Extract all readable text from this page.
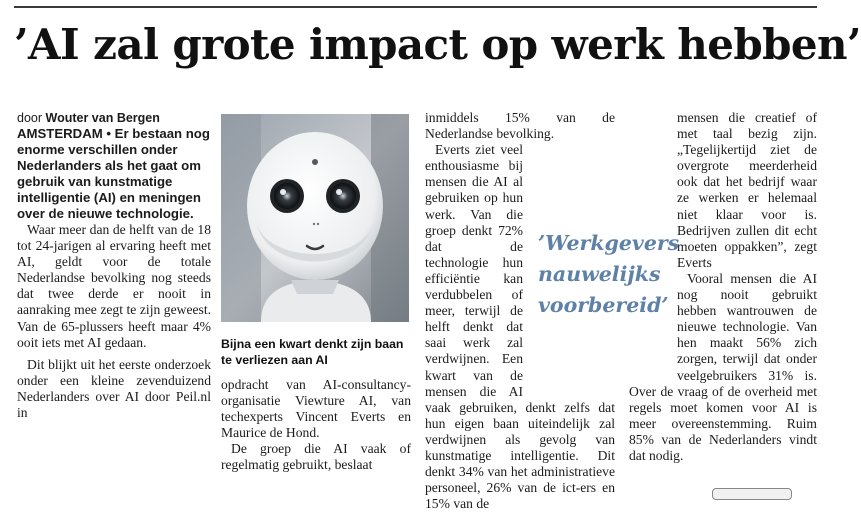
’AI zal grote impact op werk hebben’

door Wouter van Bergen

AMSTERDAM • Er bestaan nog enorme verschillen onder Nederlanders als het gaat om gebruik van kunstmatige intelligentie (AI) en meningen over de nieuwe technologie.

Waar meer dan de helft van de 18 tot 24-jarigen al ervaring heeft met AI, geldt voor de totale Nederlandse bevolking nog steeds dat twee derde er nooit in aanraking mee zegt te zijn geweest. Van de 65-plussers heeft maar 4% ooit iets met AI gedaan.

Dit blijkt uit het eerste onderzoek onder een kleine zevenduizend Nederlanders over AI door Peil.nl in

Bijna een kwart denkt zijn baan te verliezen aan AI

opdracht van AI-consultancy-organisatie Viewture AI, van techexperts Vincent Everts en Maurice de Hond.

De groep die AI vaak of regelmatig gebruikt, beslaat

inmiddels 15% van de Nederlandse bevolking.

Everts ziet veel enthousiasme bij mensen die AI al gebruiken op hun werk. Van die groep denkt 72% dat de technologie hun efficiëntie kan verdubbelen of meer, terwijl de helft denkt dat saai werk zal verdwijnen. Een kwart van de mensen die AI vaak gebruiken, denkt zelfs dat hun eigen baan uiteindelijk zal verdwijnen als gevolg van kunstmatige intelligentie. Dit denkt 34% van het administratieve personeel, 26% van de ict-ers en 15% van de

mensen die creatief of met taal bezig zijn. „Tegelijkertijd ziet de overgrote meerderheid ook dat het bedrijf waar ze werken er helemaal niet klaar voor is. Bedrijven zullen dit echt moeten oppakken”, zegt Everts

Vooral mensen die AI nog nooit gebruikt hebben wantrouwen de nieuwe technologie. Van hen maakt 56% zich zorgen, terwijl dat onder veelgebruikers 31% is. Over de vraag of de overheid met regels moet komen voor AI is meer overeenstemming. Ruim 85% van de Nederlanders vindt dat nodig.

’Werkgevers
nauwelijks
voorbereid’
